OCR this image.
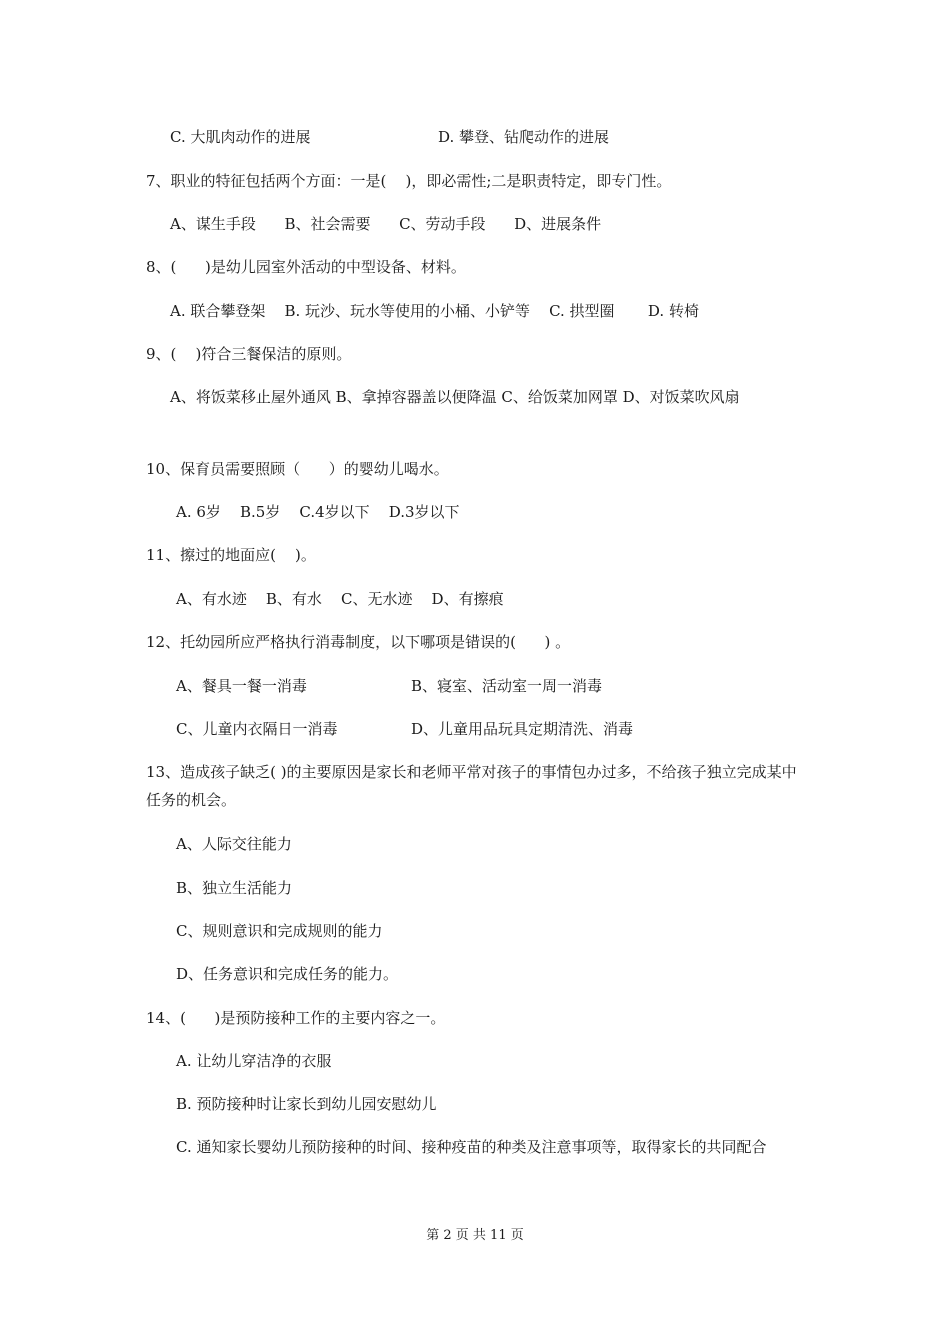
C. 大肌肉动作的进展	D. 攀登、钻爬动作的进展
7、职业的特征包括两个方面：一是(    )，即必需性;二是职责特定，即专门性。
A、谋生手段      B、社会需要      C、劳动手段      D、进展条件
8、(      )是幼儿园室外活动的中型设备、材料。
A. 联合攀登架    B. 玩沙、玩水等使用的小桶、小铲等    C. 拱型圈       D. 转椅
9、(    )符合三餐保洁的原则。
A、将饭菜移止屋外通风 B、拿掉容器盖以便降温 C、给饭菜加网罩 D、对饭菜吹风扇
10、保育员需要照顾（      ）的婴幼儿喝水。
A. 6岁    B.5岁    C.4岁以下    D.3岁以下
11、擦过的地面应(    )。
A、有水迹    B、有水    C、无水迹    D、有擦痕
12、托幼园所应严格执行消毒制度，以下哪项是错误的(      ) 。
A、餐具一餐一消毒	B、寝室、活动室一周一消毒
C、儿童内衣隔日一消毒	D、儿童用品玩具定期清洗、消毒
13、造成孩子缺乏( )的主要原因是家长和老师平常对孩子的事情包办过多，不给孩子独立完成某中任务的机会。
A、人际交往能力
B、独立生活能力
C、规则意识和完成规则的能力
D、任务意识和完成任务的能力。
14、(      )是预防接种工作的主要内容之一。
A. 让幼儿穿洁净的衣服
B. 预防接种时让家长到幼儿园安慰幼儿
C. 通知家长婴幼儿预防接种的时间、接种疫苗的种类及注意事项等，取得家长的共同配合
第 2 页 共 11 页
